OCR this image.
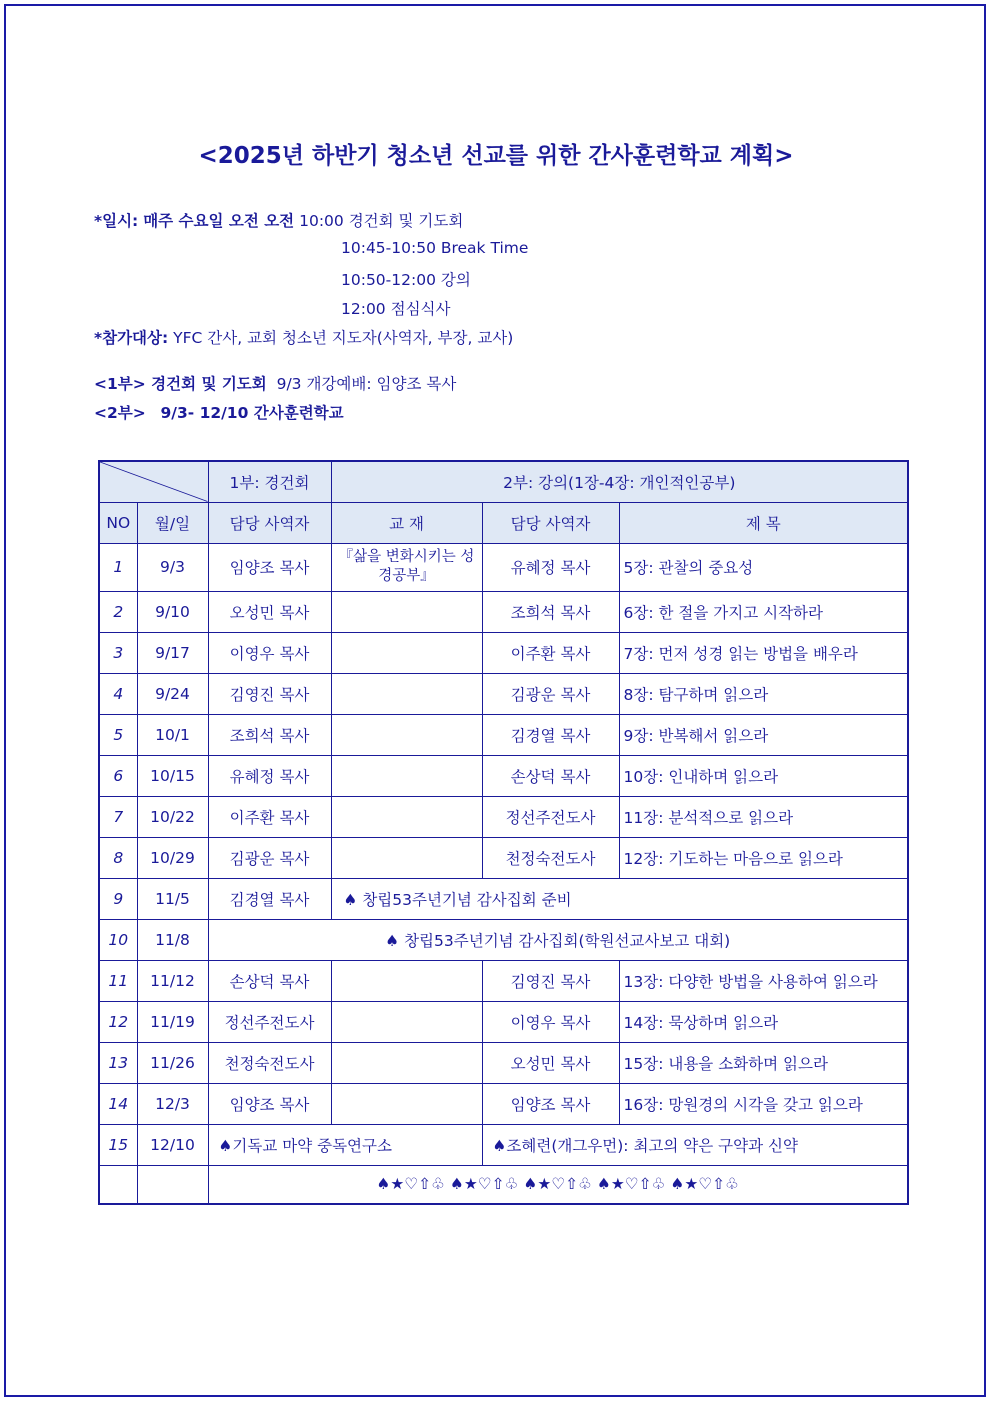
<2025년 하반기 청소년 선교를 위한 간사훈련학교 계획>
*일시: 매주 수요일 오전 오전 10:00 경건회 및 기도회
10:45-10:50 Break Time
10:50-12:00 강의
12:00 점심식사
*참가대상: YFC 간사, 교회 청소년 지도자(사역자, 부장, 교사)
<1부> 경건회 및 기도회 9/3 개강예배: 임양조 목사
<2부> 9/3- 12/10 간사훈련학교
	1부: 경건회	2부: 강의(1장-4장: 개인적인공부)		
NO	월/일	담당 사역자	교 재	담당 사역자	제 목
1	9/3	임양조 목사	『삶을 변화시키는 성경공부』	유혜정 목사	5장: 관찰의 중요성
2	9/10	오성민 목사		조희석 목사	6장: 한 절을 가지고 시작하라
3	9/17	이영우 목사		이주환 목사	7장: 먼저 성경 읽는 방법을 배우라
4	9/24	김영진 목사		김광운 목사	8장: 탐구하며 읽으라
5	10/1	조희석 목사		김경열 목사	9장: 반복해서 읽으라
6	10/15	유혜정 목사		손상덕 목사	10장: 인내하며 읽으라
7	10/22	이주환 목사		정선주전도사	11장: 분석적으로 읽으라
8	10/29	김광운 목사		천정숙전도사	12장: 기도하는 마음으로 읽으라
9	11/5	김경열 목사	♠ 창립53주년기념 감사집회 준비		
10	11/8	♠ 창립53주년기념 감사집회(학원선교사보고 대회)			
11	11/12	손상덕 목사		김영진 목사	13장: 다양한 방법을 사용하여 읽으라
12	11/19	정선주전도사		이영우 목사	14장: 묵상하며 읽으라
13	11/26	천정숙전도사		오성민 목사	15장: 내용을 소화하며 읽으라
14	12/3	임양조 목사		임양조 목사	16장: 망원경의 시각을 갖고 읽으라
15	12/10	♠기독교 마약 중독연구소		♠조혜련(개그우먼): 최고의 약은 구약과 신약	
		♠★♡⇧♧ ♠★♡⇧♧ ♠★♡⇧♧ ♠★♡⇧♧ ♠★♡⇧♧			
